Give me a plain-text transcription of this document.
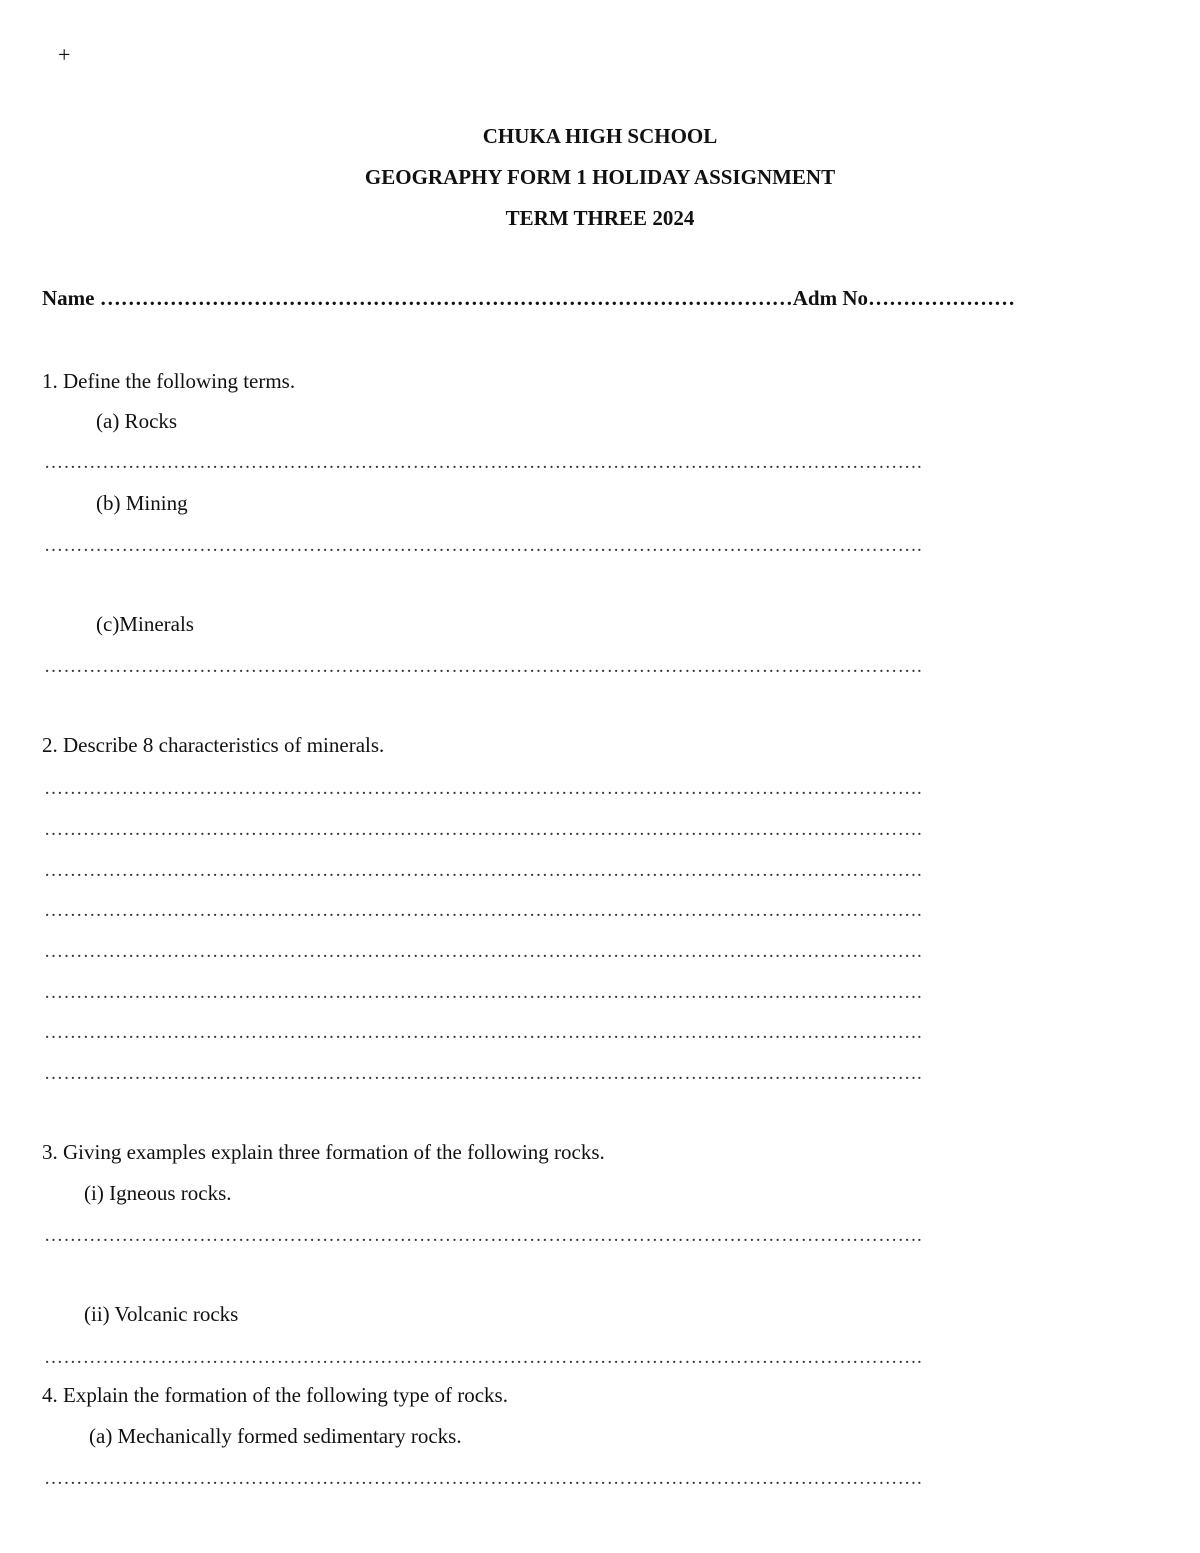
+
CHUKA HIGH SCHOOL
GEOGRAPHY FORM 1 HOLIDAY ASSIGNMENT
TERM THREE 2024
Name ………………………………………………………………………………………Adm No…………………
1. Define the following terms.
(a) Rocks
……………………………………………………………………………………………………………………….
(b) Mining
……………………………………………………………………………………………………………………….
(c)Minerals
……………………………………………………………………………………………………………………….
2. Describe 8 characteristics of minerals.
……………………………………………………………………………………………………………………….
……………………………………………………………………………………………………………………….
……………………………………………………………………………………………………………………….
……………………………………………………………………………………………………………………….
……………………………………………………………………………………………………………………….
……………………………………………………………………………………………………………………….
……………………………………………………………………………………………………………………….
……………………………………………………………………………………………………………………….
3. Giving examples explain three formation of the following rocks.
(i) Igneous rocks.
……………………………………………………………………………………………………………………….
(ii) Volcanic rocks
……………………………………………………………………………………………………………………….
4. Explain the formation of the following type of rocks.
(a) Mechanically formed sedimentary rocks.
……………………………………………………………………………………………………………………….
